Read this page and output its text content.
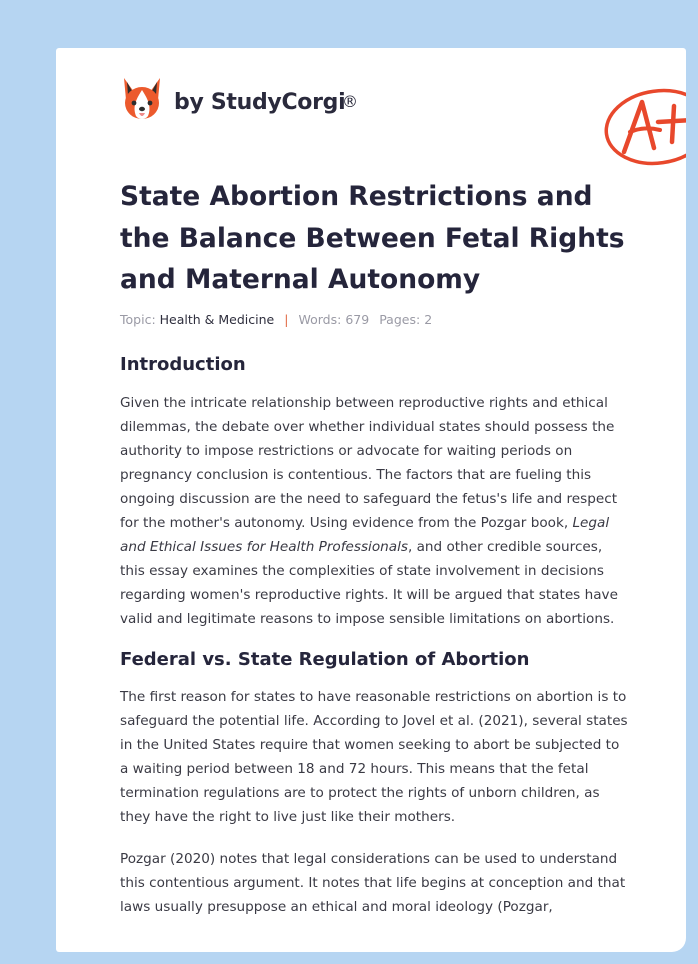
by StudyCorgi
®
State Abortion Restrictions and the Balance Between Fetal Rights and Maternal Autonomy
Topic: Health & Medicine | Words: 679 Pages: 2
Introduction

Given the intricate relationship between reproductive rights and ethical dilemmas, the debate over whether individual states should possess the authority to impose restrictions or advocate for waiting periods on pregnancy conclusion is contentious. The factors that are fueling this ongoing discussion are the need to safeguard the fetus's life and respect for the mother's autonomy. Using evidence from the Pozgar book, Legal and Ethical Issues for Health Professionals, and other credible sources, this essay examines the complexities of state involvement in decisions regarding women's reproductive rights. It will be argued that states have valid and legitimate reasons to impose sensible limitations on abortions.

Federal vs. State Regulation of Abortion

The first reason for states to have reasonable restrictions on abortion is to safeguard the potential life. According to Jovel et al. (2021), several states in the United States require that women seeking to abort be subjected to a waiting period between 18 and 72 hours. This means that the fetal termination regulations are to protect the rights of unborn children, as they have the right to live just like their mothers.

Pozgar (2020) notes that legal considerations can be used to understand this contentious argument. It notes that life begins at conception and that laws usually presuppose an ethical and moral ideology (Pozgar,
